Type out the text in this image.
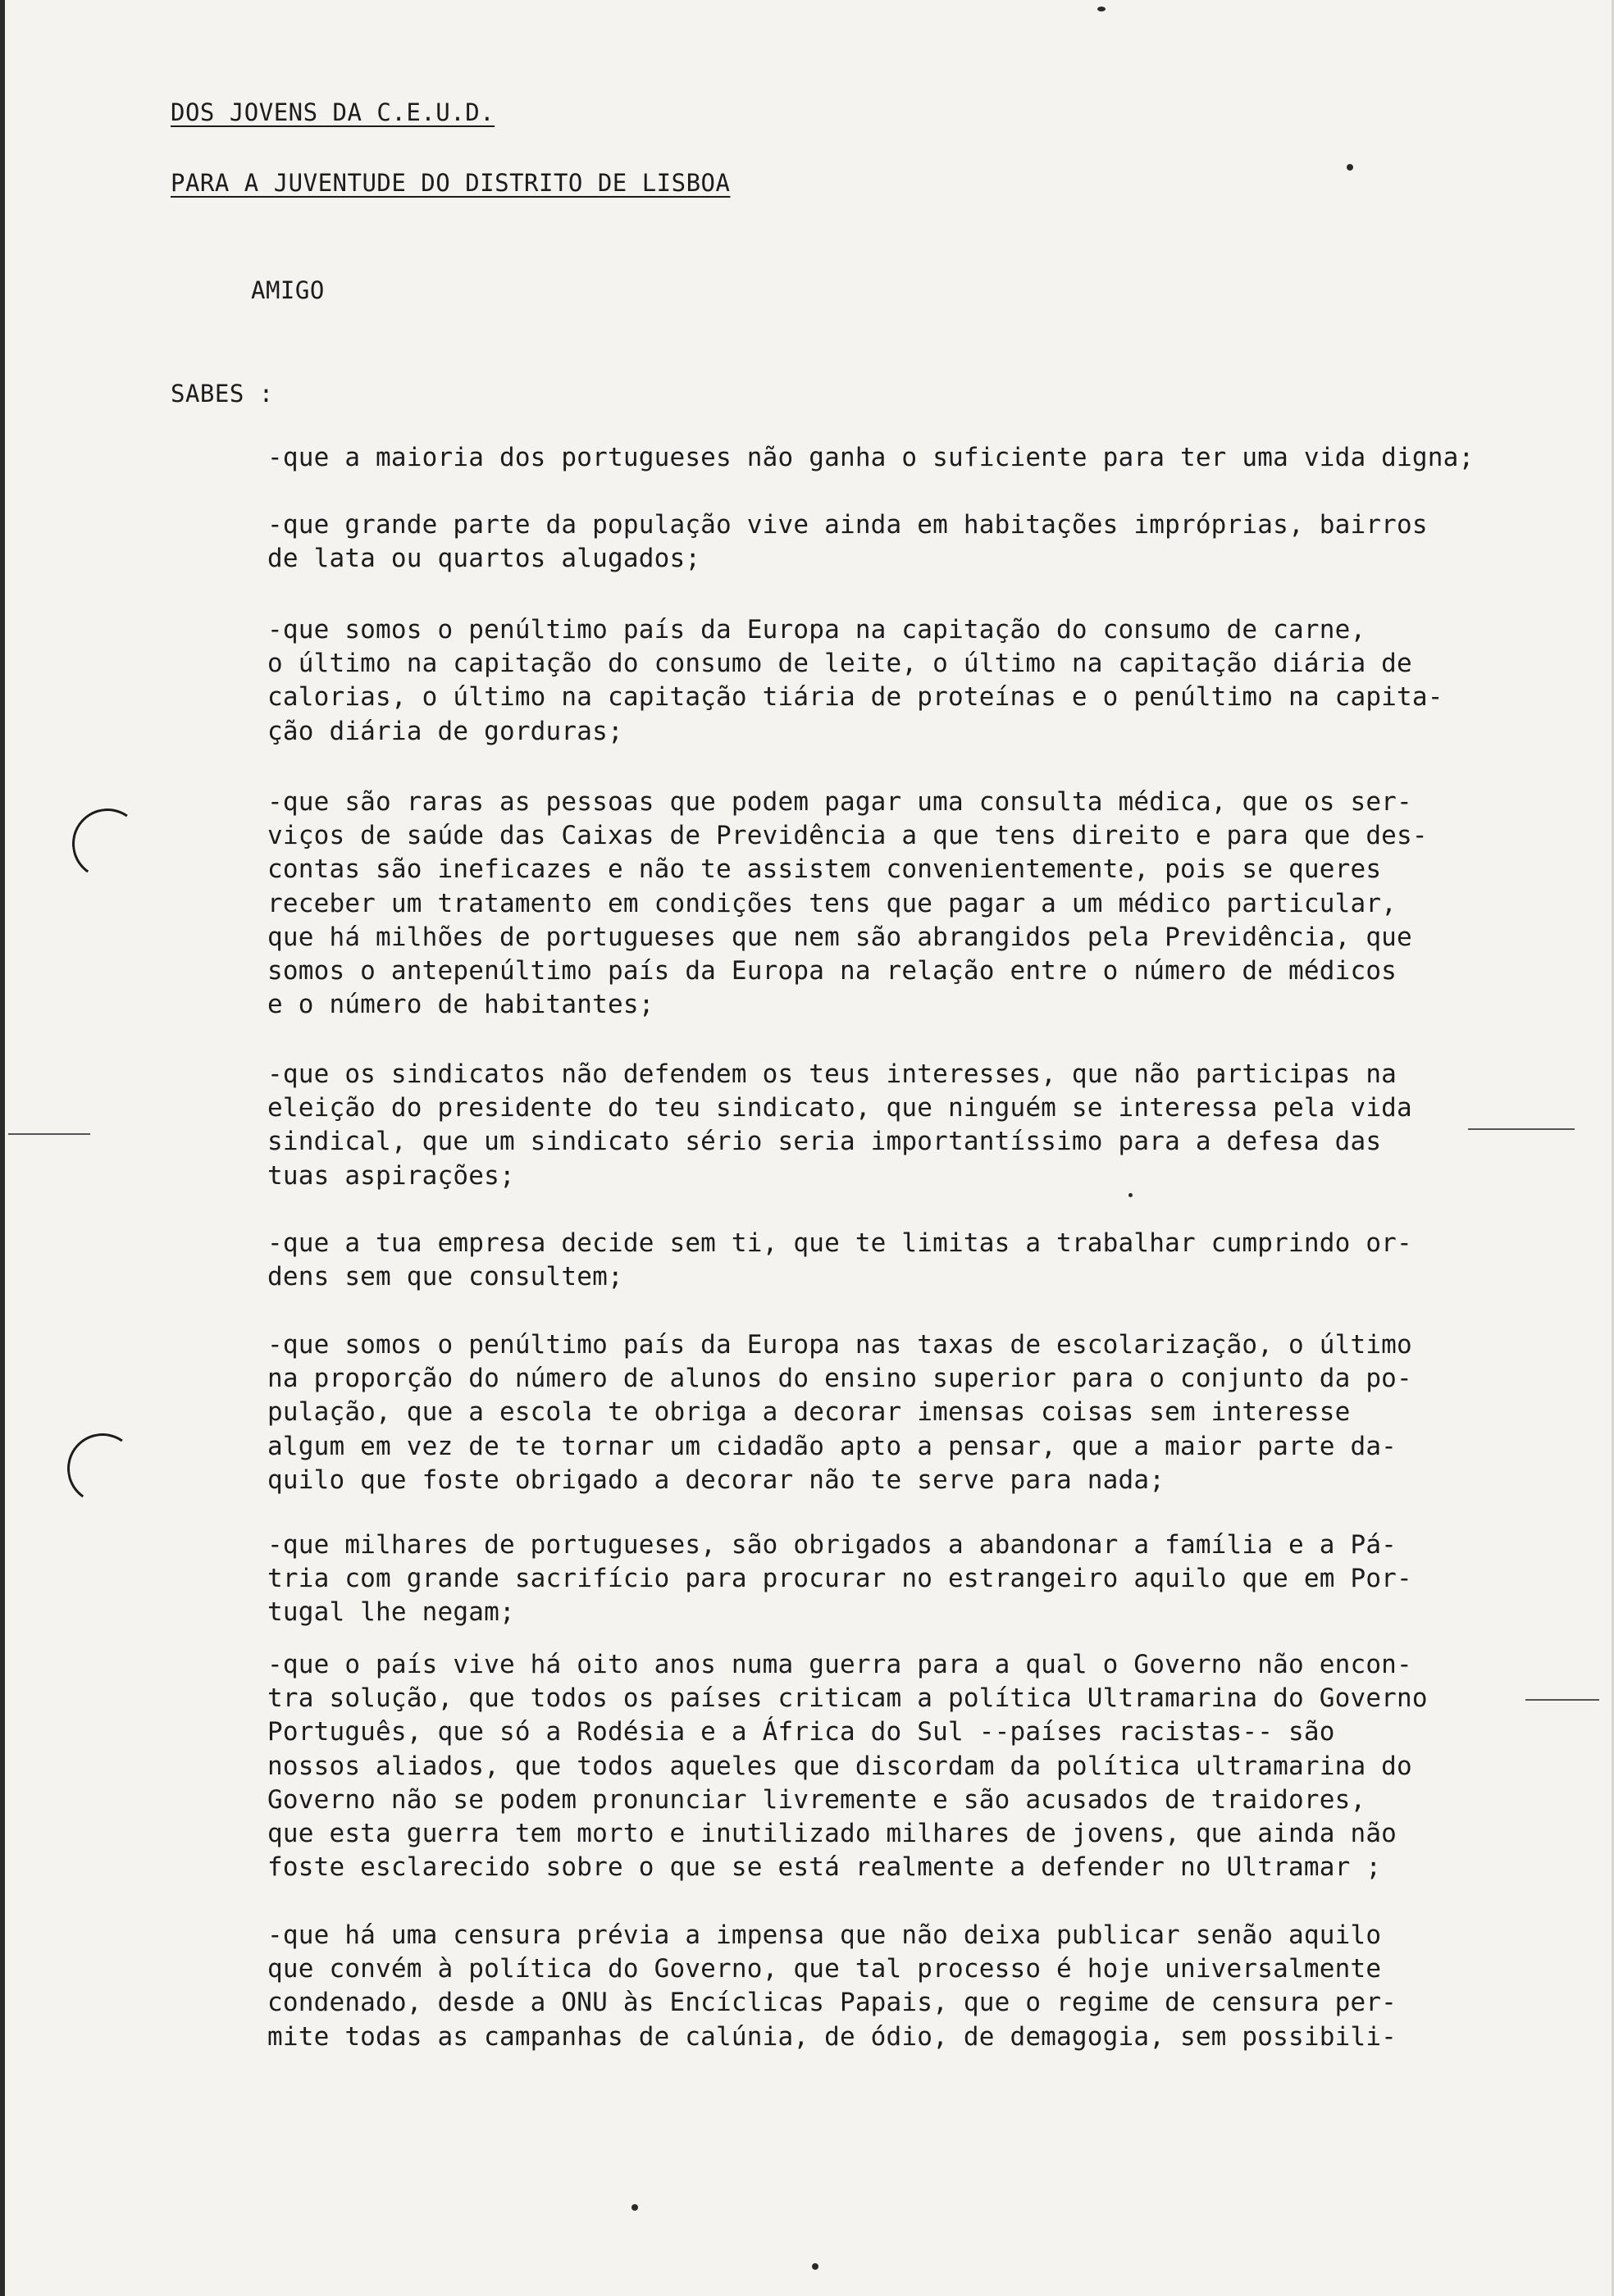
DOS JOVENS DA C.E.U.D.
PARA A JUVENTUDE DO DISTRITO DE LISBOA
AMIGO
SABES :

-que a maioria dos portugueses não ganha o suficiente para ter uma vida digna;

-que grande parte da população vive ainda em habitações impróprias, bairros
de lata ou quartos alugados;

-que somos o penúltimo país da Europa na capitação do consumo de carne,
o último na capitação do consumo de leite, o último na capitação diária de
calorias, o último na capitação tiária de proteínas e o penúltimo na capita-
ção diária de gorduras;

-que são raras as pessoas que podem pagar uma consulta médica, que os ser-
viços de saúde das Caixas de Previdência a que tens direito e para que des-
contas são ineficazes e não te assistem convenientemente, pois se queres
receber um tratamento em condições tens que pagar a um médico particular,
que há milhões de portugueses que nem são abrangidos pela Previdência, que
somos o antepenúltimo país da Europa na relação entre o número de médicos
e o número de habitantes;

-que os sindicatos não defendem os teus interesses, que não participas na
eleição do presidente do teu sindicato, que ninguém se interessa pela vida
sindical, que um sindicato sério seria importantíssimo para a defesa das
tuas aspirações;

-que a tua empresa decide sem ti, que te limitas a trabalhar cumprindo or-
dens sem que consultem;

-que somos o penúltimo país da Europa nas taxas de escolarização, o último
na proporção do número de alunos do ensino superior para o conjunto da po-
pulação, que a escola te obriga a decorar imensas coisas sem interesse
algum em vez de te tornar um cidadão apto a pensar, que a maior parte da-
quilo que foste obrigado a decorar não te serve para nada;

-que milhares de portugueses, são obrigados a abandonar a família e a Pá-
tria com grande sacrifício para procurar no estrangeiro aquilo que em Por-
tugal lhe negam;

-que o país vive há oito anos numa guerra para a qual o Governo não encon-
tra solução, que todos os países criticam a política Ultramarina do Governo
Português, que só a Rodésia e a África do Sul --países racistas-- são
nossos aliados, que todos aqueles que discordam da política ultramarina do
Governo não se podem pronunciar livremente e são acusados de traidores,
que esta guerra tem morto e inutilizado milhares de jovens, que ainda não
foste esclarecido sobre o que se está realmente a defender no Ultramar ;

-que há uma censura prévia a impensa que não deixa publicar senão aquilo
que convém à política do Governo, que tal processo é hoje universalmente
condenado, desde a ONU às Encíclicas Papais, que o regime de censura per-
mite todas as campanhas de calúnia, de ódio, de demagogia, sem possibili-
